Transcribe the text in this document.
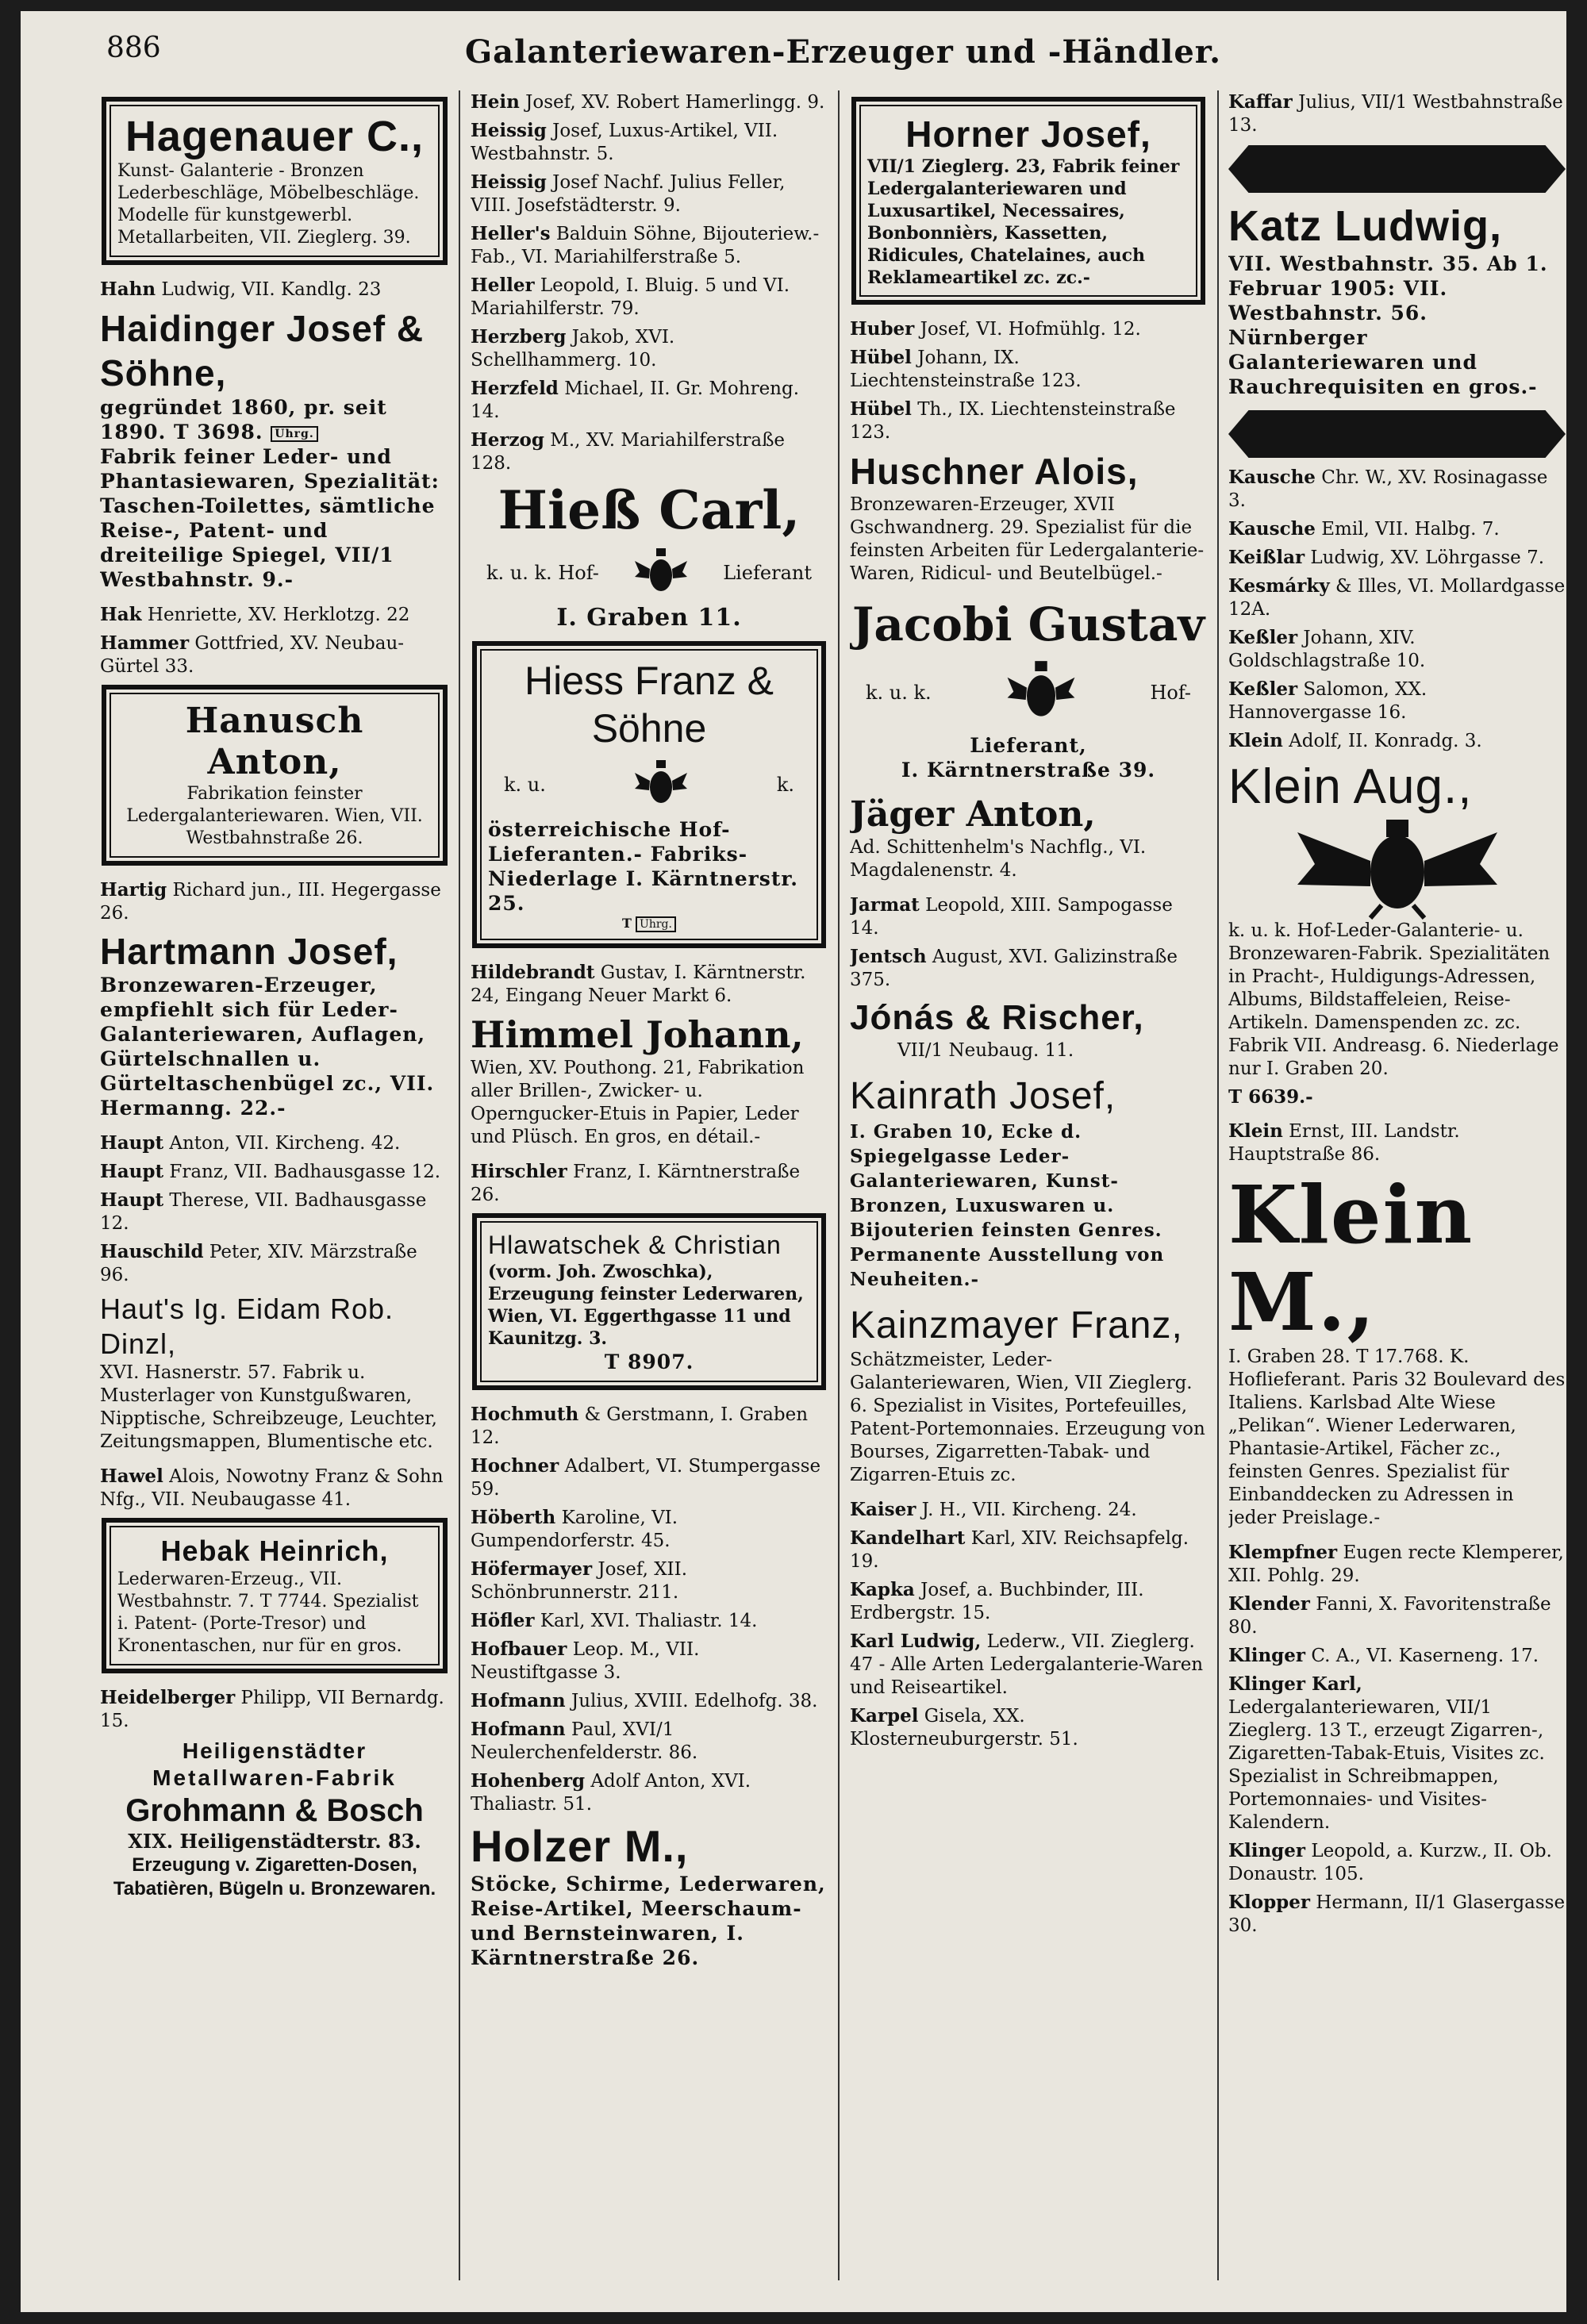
886	Galanteriewaren-Erzeuger und -Händler.
Hagenauer C.,
Kunst- Galanterie - Bronzen Lederbeschläge, Möbelbeschläge. Modelle für kunstgewerbl. Metallarbeiten, VII. Zieglerg. 39.
Hahn Ludwig, VII. Kandlg. 23
Haidinger Josef & Söhne,
gegründet 1860, pr. seit 1890. T 3698. Uhrg.
Fabrik feiner Leder- und Phantasiewaren, Spezialität: Taschen-Toilettes, sämtliche Reise-, Patent- und dreiteilige Spiegel, VII/1 Westbahnstr. 9.-
Hak Henriette, XV. Herklotzg. 22
Hammer Gottfried, XV. Neubau-Gürtel 33.
Hanusch Anton,
Fabrikation feinster Ledergalanteriewaren. Wien, VII. Westbahnstraße 26.
Hartig Richard jun., III. Hegergasse 26.
Hartmann Josef,
Bronzewaren-Erzeuger, empfiehlt sich für Leder-Galanteriewaren, Auflagen, Gürtelschnallen u. Gürteltaschenbügel zc., VII. Hermanng. 22.-
Haupt Anton, VII. Kircheng. 42.
Haupt Franz, VII. Badhausgasse 12.
Haupt Therese, VII. Badhausgasse 12.
Hauschild Peter, XIV. Märzstraße 96.
Haut's Ig. Eidam Rob. Dinzl,
XVI. Hasnerstr. 57. Fabrik u. Musterlager von Kunstgußwaren, Nipptische, Schreibzeuge, Leuchter, Zeitungsmappen, Blumentische etc.
Hawel Alois, Nowotny Franz & Sohn Nfg., VII. Neubaugasse 41.
Hebak Heinrich,
Lederwaren-Erzeug., VII. Westbahnstr. 7. T 7744. Spezialist i. Patent- (Porte-Tresor) und Kronentaschen, nur für en gros.
Heidelberger Philipp, VII Bernardg. 15.
Heiligenstädter
Metallwaren-Fabrik
Grohmann & Bosch
XIX. Heiligenstädterstr. 83.
Erzeugung v. Zigaretten-Dosen, Tabatièren, Bügeln u. Bronzewaren.
Hein Josef, XV. Robert Hamerlingg. 9.
Heissig Josef, Luxus-Artikel, VII. Westbahnstr. 5.
Heissig Josef Nachf. Julius Feller, VIII. Josefstädterstr. 9.
Heller's Balduin Söhne, Bijouteriew.-Fab., VI. Mariahilferstraße 5.
Heller Leopold, I. Bluig. 5 und VI. Mariahilferstr. 79.
Herzberg Jakob, XVI. Schellhammerg. 10.
Herzfeld Michael, II. Gr. Mohreng. 14.
Herzog M., XV. Mariahilferstraße 128.
Hieß Carl,
k. u. k. Hof-	Lieferant
I. Graben 11.
Hiess Franz & Söhne
k. u.	k.
österreichische Hof-Lieferanten.- Fabriks-Niederlage I. Kärntnerstr. 25.
T Uhrg.
Hildebrandt Gustav, I. Kärntnerstr. 24, Eingang Neuer Markt 6.
Himmel Johann,
Wien, XV. Pouthong. 21, Fabrikation aller Brillen-, Zwicker- u. Operngucker-Etuis in Papier, Leder und Plüsch. En gros, en détail.-
Hirschler Franz, I. Kärntnerstraße 26.
Hlawatschek & Christian
(vorm. Joh. Zwoschka), Erzeugung feinster Lederwaren, Wien, VI. Eggerthgasse 11 und Kaunitzg. 3.
T 8907.
Hochmuth & Gerstmann, I. Graben 12.
Hochner Adalbert, VI. Stumpergasse 59.
Höberth Karoline, VI. Gumpendorferstr. 45.
Höfermayer Josef, XII. Schönbrunnerstr. 211.
Höfler Karl, XVI. Thaliastr. 14.
Hofbauer Leop. M., VII. Neustiftgasse 3.
Hofmann Julius, XVIII. Edelhofg. 38.
Hofmann Paul, XVI/1 Neulerchenfelderstr. 86.
Hohenberg Adolf Anton, XVI. Thaliastr. 51.
Holzer M.,
Stöcke, Schirme, Lederwaren, Reise-Artikel, Meerschaum- und Bernsteinwaren, I. Kärntnerstraße 26.
Horner Josef,
VII/1 Zieglerg. 23, Fabrik feiner Ledergalanteriewaren und Luxusartikel, Necessaires, Bonbonnièrs, Kassetten, Ridicules, Chatelaines, auch Reklameartikel zc. zc.-
Huber Josef, VI. Hofmühlg. 12.
Hübel Johann, IX. Liechtensteinstraße 123.
Hübel Th., IX. Liechtensteinstraße 123.
Huschner Alois,
Bronzewaren-Erzeuger, XVII Gschwandnerg. 29. Spezialist für die feinsten Arbeiten für Ledergalanterie-Waren, Ridicul- und Beutelbügel.-
Jacobi Gustav
k. u. k.	Hof-
Lieferant,
I. Kärntnerstraße 39.
Jäger Anton,
Ad. Schittenhelm's Nachflg., VI. Magdalenenstr. 4.
Jarmat Leopold, XIII. Sampogasse 14.
Jentsch August, XVI. Galizinstraße 375.
Jónás & Rischer,
VII/1 Neubaug. 11.
Kainrath Josef,
I. Graben 10, Ecke d. Spiegelgasse Leder-Galanteriewaren, Kunst-Bronzen, Luxuswaren u. Bijouterien feinsten Genres. Permanente Ausstellung von Neuheiten.-
Kainzmayer Franz,
Schätzmeister, Leder-Galanteriewaren, Wien, VII Zieglerg. 6. Spezialist in Visites, Portefeuilles, Patent-Portemonnaies. Erzeugung von Bourses, Zigarretten-Tabak- und Zigarren-Etuis zc.
Kaiser J. H., VII. Kircheng. 24.
Kandelhart Karl, XIV. Reichsapfelg. 19.
Kapka Josef, a. Buchbinder, III. Erdbergstr. 15.
Karl Ludwig, Lederw., VII. Zieglerg. 47 - Alle Arten Ledergalanterie-Waren und Reiseartikel.
Karpel Gisela, XX. Klosterneuburgerstr. 51.
Kaffar Julius, VII/1 Westbahnstraße 13.
Katz Ludwig,
VII. Westbahnstr. 35. Ab 1. Februar 1905: VII. Westbahnstr. 56. Nürnberger Galanteriewaren und Rauchrequisiten en gros.-
Kausche Chr. W., XV. Rosinagasse 3.
Kausche Emil, VII. Halbg. 7.
Keißlar Ludwig, XV. Löhrgasse 7.
Kesmárky & Illes, VI. Mollardgasse 12A.
Keßler Johann, XIV. Goldschlagstraße 10.
Keßler Salomon, XX. Hannovergasse 16.
Klein Adolf, II. Konradg. 3.
Klein Aug.,
k. u. k. Hof-Leder-Galanterie- u. Bronzewaren-Fabrik. Spezialitäten in Pracht-, Huldigungs-Adressen, Albums, Bildstaffeleien, Reise-Artikeln. Damenspenden zc. zc. Fabrik VII. Andreasg. 6. Niederlage nur I. Graben 20.
T 6639.-
Klein Ernst, III. Landstr. Hauptstraße 86.
Klein M.,
I. Graben 28. T 17.768. K. Hoflieferant. Paris 32 Boulevard des Italiens. Karlsbad Alte Wiese „Pelikan“. Wiener Lederwaren, Phantasie-Artikel, Fächer zc., feinsten Genres. Spezialist für Einbanddecken zu Adressen in jeder Preislage.-
Klempfner Eugen recte Klemperer, XII. Pohlg. 29.
Klender Fanni, X. Favoritenstraße 80.
Klinger C. A., VI. Kaserneng. 17.
Klinger Karl, Ledergalanteriewaren, VII/1 Zieglerg. 13 T., erzeugt Zigarren-, Zigaretten-Tabak-Etuis, Visites zc. Spezialist in Schreibmappen, Portemonnaies- und Visites-Kalendern.
Klinger Leopold, a. Kurzw., II. Ob. Donaustr. 105.
Klopper Hermann, II/1 Glasergasse 30.
